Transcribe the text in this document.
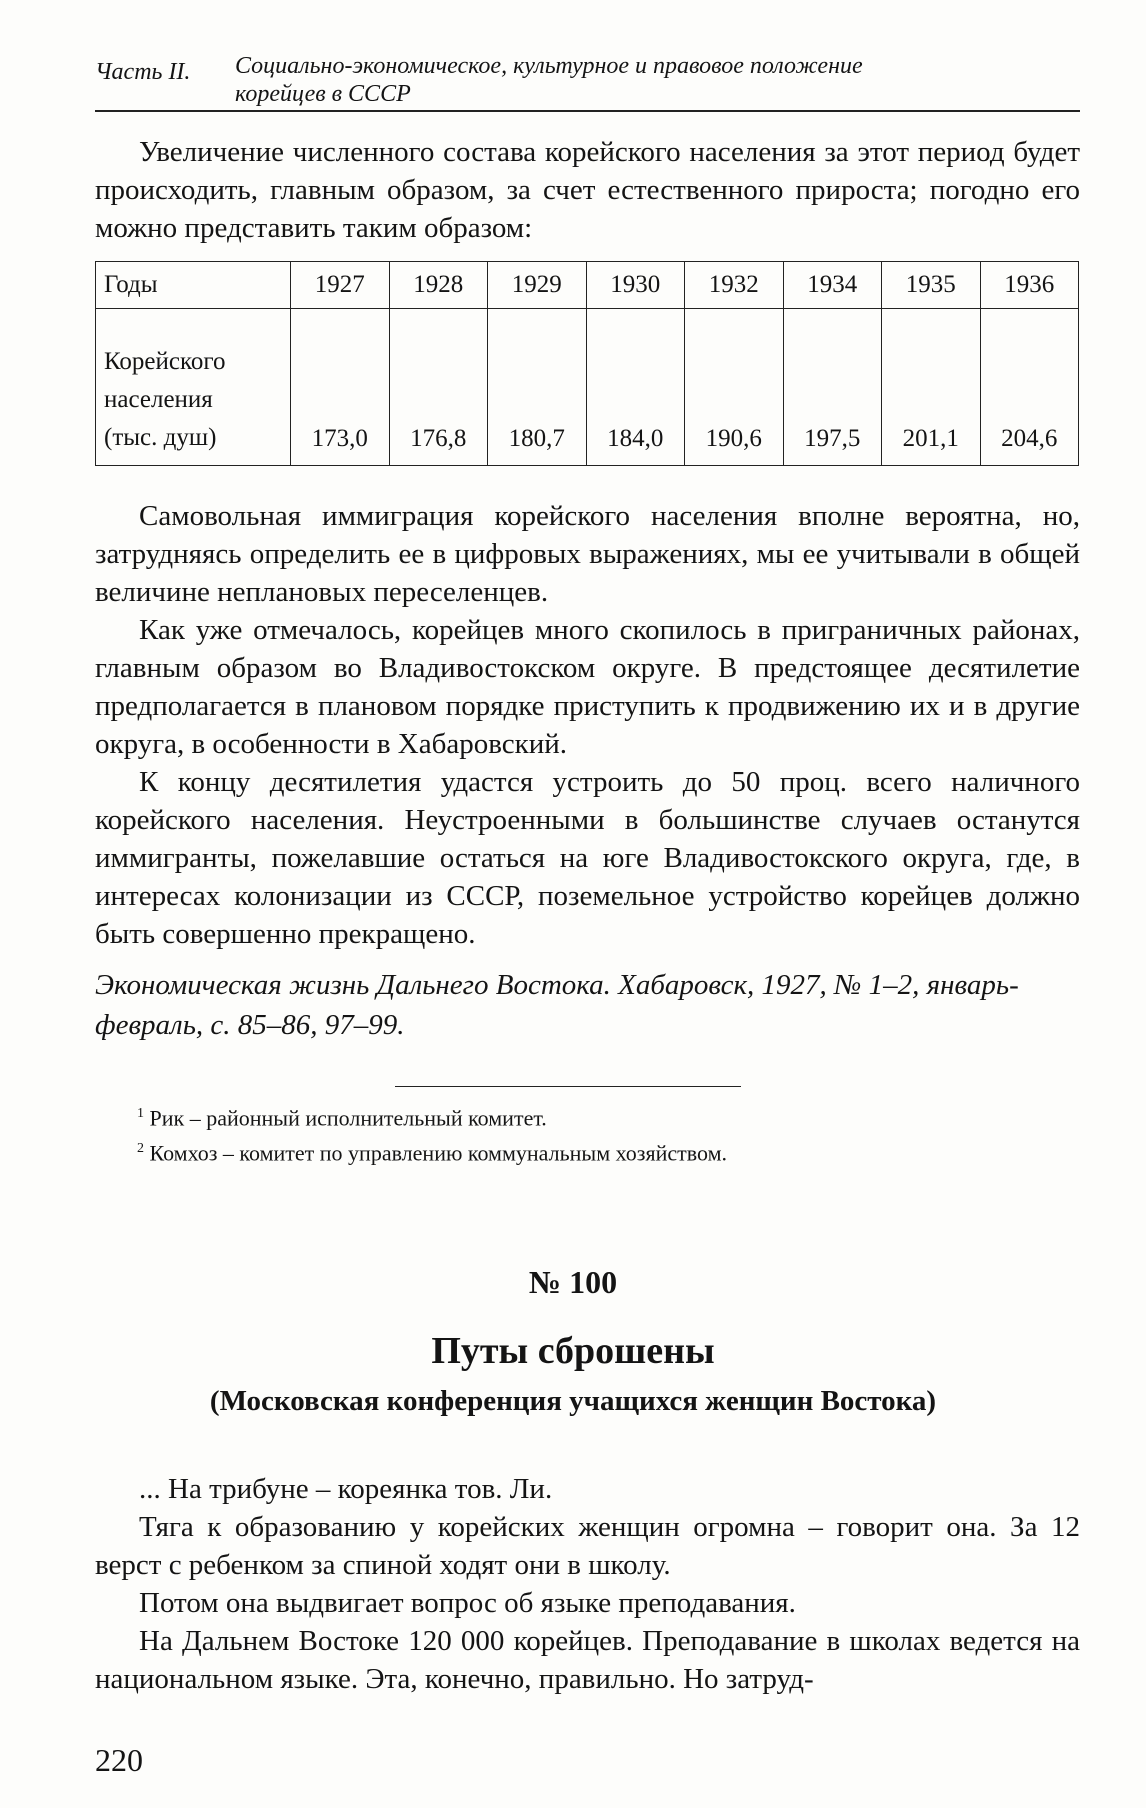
Часть II. Социально-экономическое, культурное и правовое положение
корейцев в СССР

Увеличение численного состава корейского населения за этот период будет происходить, главным образом, за счет естественного прироста; погодно его можно представить таким образом:

Годы	1927	1928	1929	1930	1932	1934	1935	1936

Корейского
населения
(тыс. душ)	173,0	176,8	180,7	184,0	190,6	197,5	201,1	204,6

Самовольная иммиграция корейского населения вполне вероятна, но, затрудняясь определить ее в цифровых выражениях, мы ее учитывали в общей величине неплановых переселенцев.

Как уже отмечалось, корейцев много скопилось в приграничных районах, главным образом во Владивостокском округе. В предстоящее десятилетие предполагается в плановом порядке приступить к продвижению их и в другие округа, в особенности в Хабаровский.

К концу десятилетия удастся устроить до 50 проц. всего наличного корейского населения. Неустроенными в большинстве случаев останутся иммигранты, пожелавшие остаться на юге Владивостокского округа, где, в интересах колонизации из СССР, поземельное устройство корейцев должно быть совершенно прекращено.

Экономическая жизнь Дальнего Востока. Хабаровск, 1927, № 1–2, январь-февраль, с. 85–86, 97–99.
$^1$ Рик – районный исполнительный комитет.
$^2$ Комхоз – комитет по управлению коммунальным хозяйством.
№ 100
Путы сброшены
(Московская конференция учащихся женщин Востока)

... На трибуне – кореянка тов. Ли.

Тяга к образованию у корейских женщин огромна – говорит она. За 12 верст с ребенком за спиной ходят они в школу.

Потом она выдвигает вопрос об языке преподавания.

На Дальнем Востоке 120 000 корейцев. Преподавание в школах ведется на национальном языке. Эта, конечно, правильно. Но затруд-

220
